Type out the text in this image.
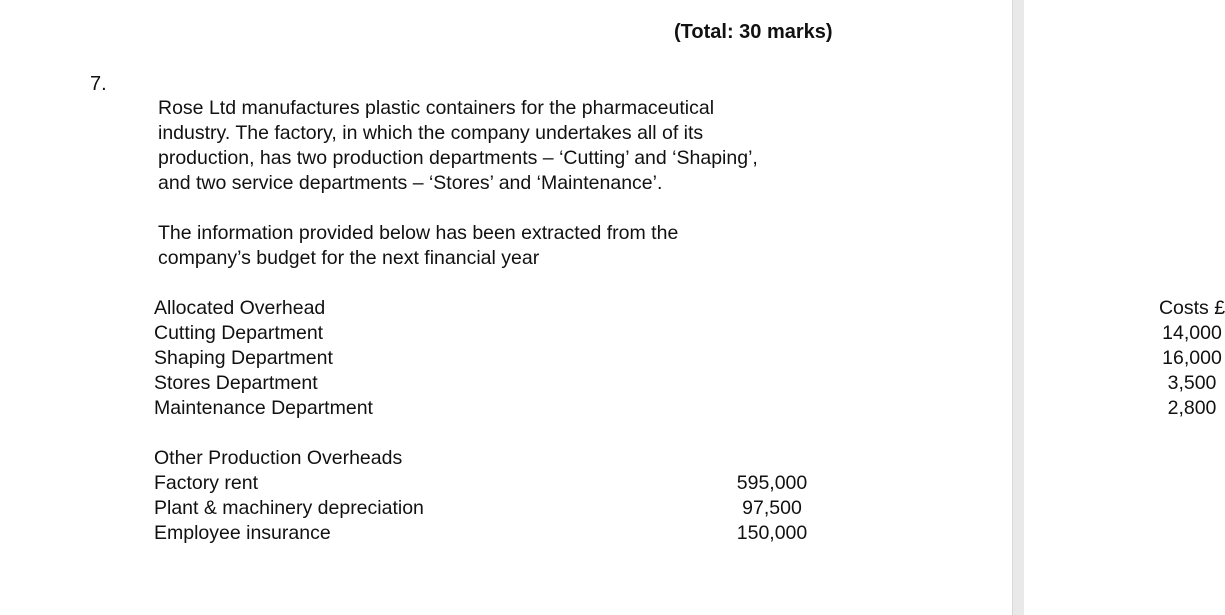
(Total: 30 marks)
7.
Rose Ltd manufactures plastic containers for the pharmaceutical
industry. The factory, in which the company undertakes all of its
production, has two production departments – ‘Cutting’ and ‘Shaping’,
and two service departments – ‘Stores’ and ‘Maintenance’.
The information provided below has been extracted from the
company’s budget for the next financial year
Allocated Overhead	Costs £
Cutting Department	14,000
Shaping Department	16,000
Stores Department	3,500
Maintenance Department	2,800
Other Production Overheads
Factory rent	595,000
Plant & machinery depreciation	97,500
Employee insurance	150,000
